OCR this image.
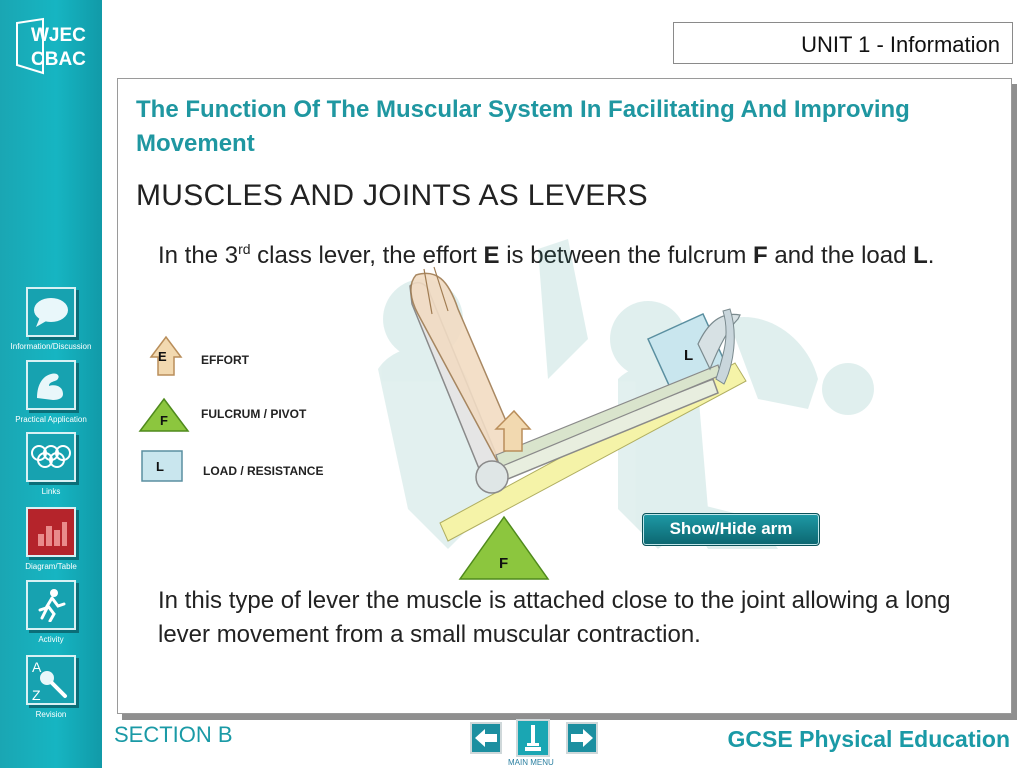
WJEC
CBAC
Information/Discussion
Practical Application
Links
Diagram/Table
Activity
A
Z
Revision
UNIT 1 - Information
The Function Of The Muscular System In Facilitating And Improving Movement
MUSCLES AND JOINTS AS LEVERS
In the 3rd class lever, the effort E is between the fulcrum F and the load L.
E	EFFORT
F	FULCRUM / PIVOT
L	LOAD / RESISTANCE
F
L
Show/Hide arm
In this type of lever the muscle is attached close to the joint allowing a long lever movement from a small muscular contraction.
SECTION B
MAIN MENU
GCSE Physical Education
